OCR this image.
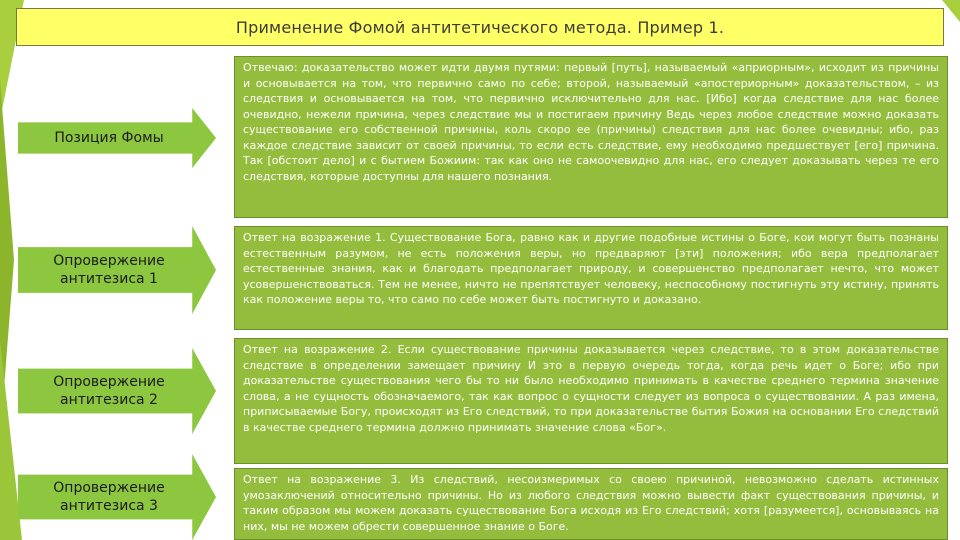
Применение Фомой антитетического метода. Пример 1.
Позиция Фомы
Отвечаю: доказательство может идти двумя путями: первый [путь], называемый «априорным», исходит из причины и основывается на том, что первично само по себе; второй, называемый «апостериорным» доказательством, – из следствия и основывается на том, что первично исключительно для нас. [Ибо] когда следствие для нас более очевидно, нежели причина, через следствие мы и постигаем причину Ведь через любое следствие можно доказать существование его собственной причины, коль скоро ее (причины) следствия для нас более очевидны; ибо, раз каждое следствие зависит от своей причины, то если есть следствие, ему необходимо предшествует [его] причина. Так [обстоит дело] и с бытием Божиим: так как оно не самоочевидно для нас, его следует доказывать через те его следствия, которые доступны для нашего познания.
Опровержение антитезиса 1
Ответ на возражение 1. Существование Бога, равно как и другие подобные истины о Боге, кои могут быть познаны естественным разумом, не есть положения веры, но предваряют [эти] положения; ибо вера предполагает естественные знания, как и благодать предполагает природу, и совершенство предполагает нечто, что может усовершенствоваться. Тем не менее, ничто не препятствует человеку, неспособному постигнуть эту истину, принять как положение веры то, что само по себе может быть постигнуто и доказано.
Опровержение антитезиса 2
Ответ на возражение 2. Если существование причины доказывается через следствие, то в этом доказательстве следствие в определении замещает причину И это в первую очередь тогда, когда речь идет о Боге; ибо при доказательстве существования чего бы то ни было необходимо принимать в качестве среднего термина значение слова, а не сущность обозначаемого, так как вопрос о сущности следует из вопроса о существовании. А раз имена, приписываемые Богу, происходят из Его следствий, то при доказательстве бытия Божия на основании Его следствий в качестве среднего термина должно принимать значение слова «Бог».
Опровержение антитезиса 3
Ответ на возражение 3. Из следствий, несоизмеримых со своею причиной, невозможно сделать истинных умозаключений относительно причины. Но из любого следствия можно вывести факт существования причины, и таким образом мы можем доказать существование Бога исходя из Его следствий; хотя [разумеется], основываясь на них, мы не можем обрести совершенное знание о Боге.
